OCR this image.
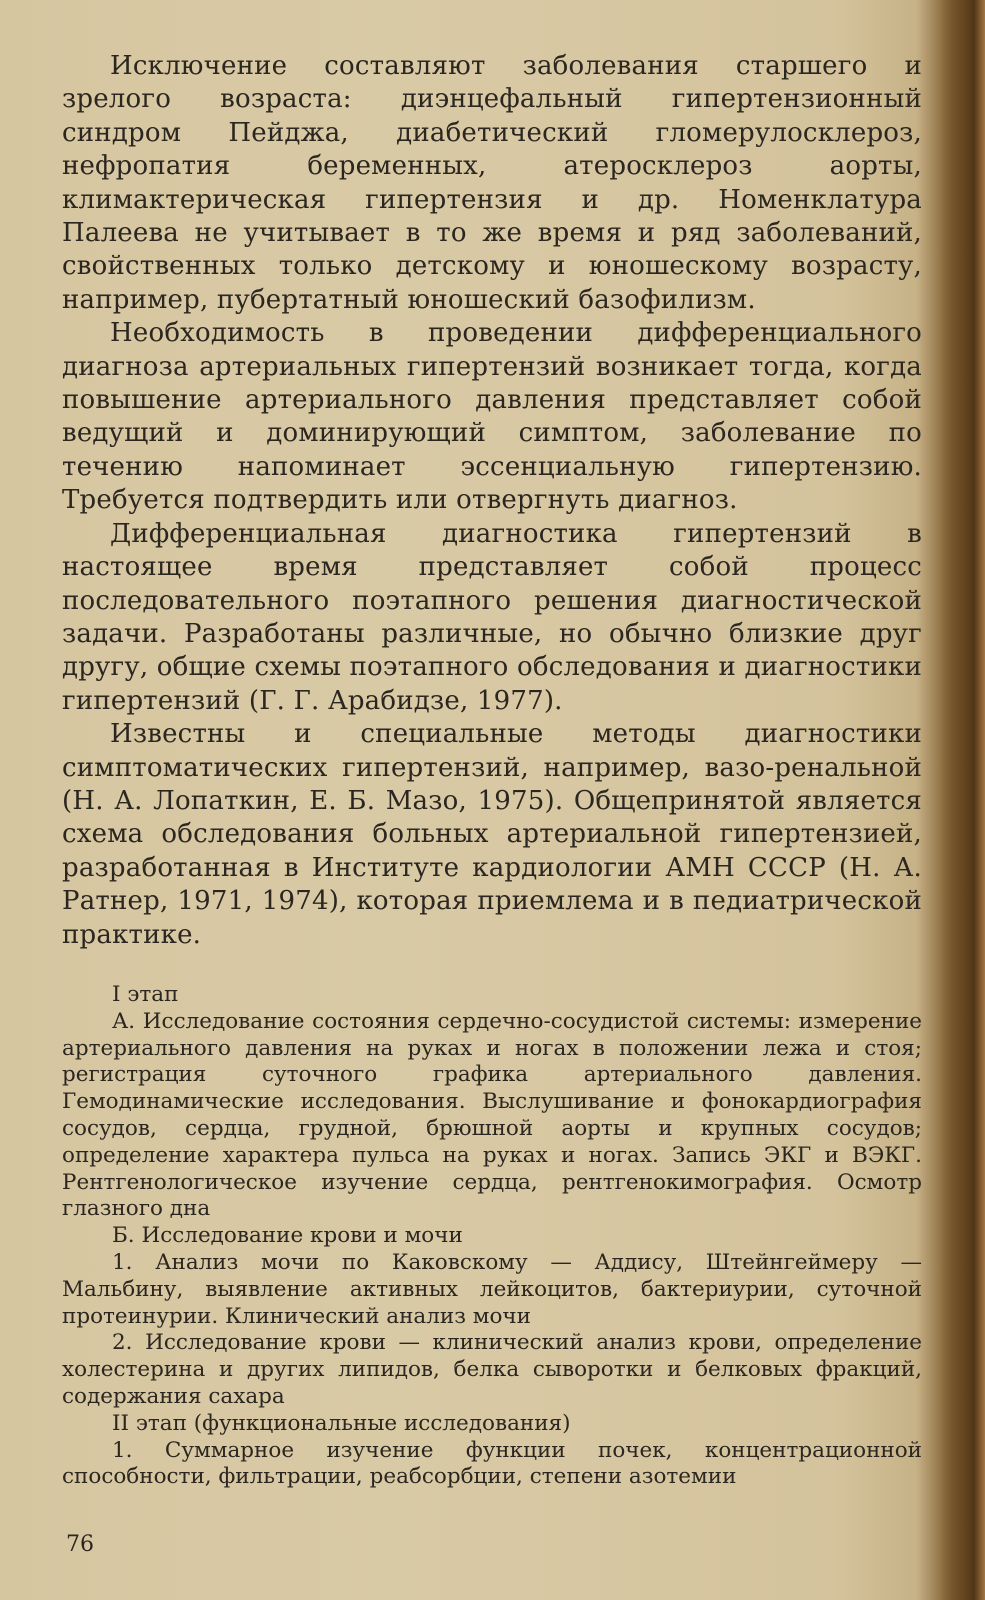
Исключение составляют заболевания старшего и зрелого возраста: диэнцефальный гипертензионный синдром Пейджа, диабетический гломерулосклероз, нефропатия беременных, атеросклероз аорты, климактерическая гипертензия и др. Номенклатура Палеева не учитывает в то же время и ряд заболеваний, свойственных только детскому и юношескому возрасту, например, пубертатный юношеский базофилизм.

Необходимость в проведении дифференциального диагноза артериальных гипертензий возникает тогда, когда повышение артериального давления представляет собой ведущий и доминирующий симптом, заболевание по течению напоминает эссенциальную гипертензию. Требуется подтвердить или отвергнуть диагноз.

Дифференциальная диагностика гипертензий в настоящее время представляет собой процесс последовательного поэтапного решения диагностической задачи. Разработаны различные, но обычно близкие друг другу, общие схемы поэтапного обследования и диагностики гипертензий (Г. Г. Арабидзе, 1977).

Известны и специальные методы диагностики симптоматических гипертензий, например, вазо-ренальной (Н. А. Лопаткин, Е. Б. Мазо, 1975). Общепринятой является схема обследования больных артериальной гипертензией, разработанная в Институте кардиологии АМН СССР (Н. А. Ратнер, 1971, 1974), которая приемлема и в педиатрической практике.

I этап

А. Исследование состояния сердечно-сосудистой системы: измерение артериального давления на руках и ногах в положении лежа и стоя; регистрация суточного графика артериального давления. Гемодинамические исследования. Выслушивание и фонокардиография сосудов, сердца, грудной, брюшной аорты и крупных сосудов; определение характера пульса на руках и ногах. Запись ЭКГ и ВЭКГ. Рентгенологическое изучение сердца, рентгенокимография. Осмотр глазного дна

Б. Исследование крови и мочи

1. Анализ мочи по Каковскому — Аддису, Штейнгеймеру — Мальбину, выявление активных лейкоцитов, бактериурии, суточной протеинурии. Клинический анализ мочи

2. Исследование крови — клинический анализ крови, определение холестерина и других липидов, белка сыворотки и белковых фракций, содержания сахара

II этап (функциональные исследования)

1. Суммарное изучение функции почек, концентрационной способности, фильтрации, реабсорбции, степени азотемии

76
